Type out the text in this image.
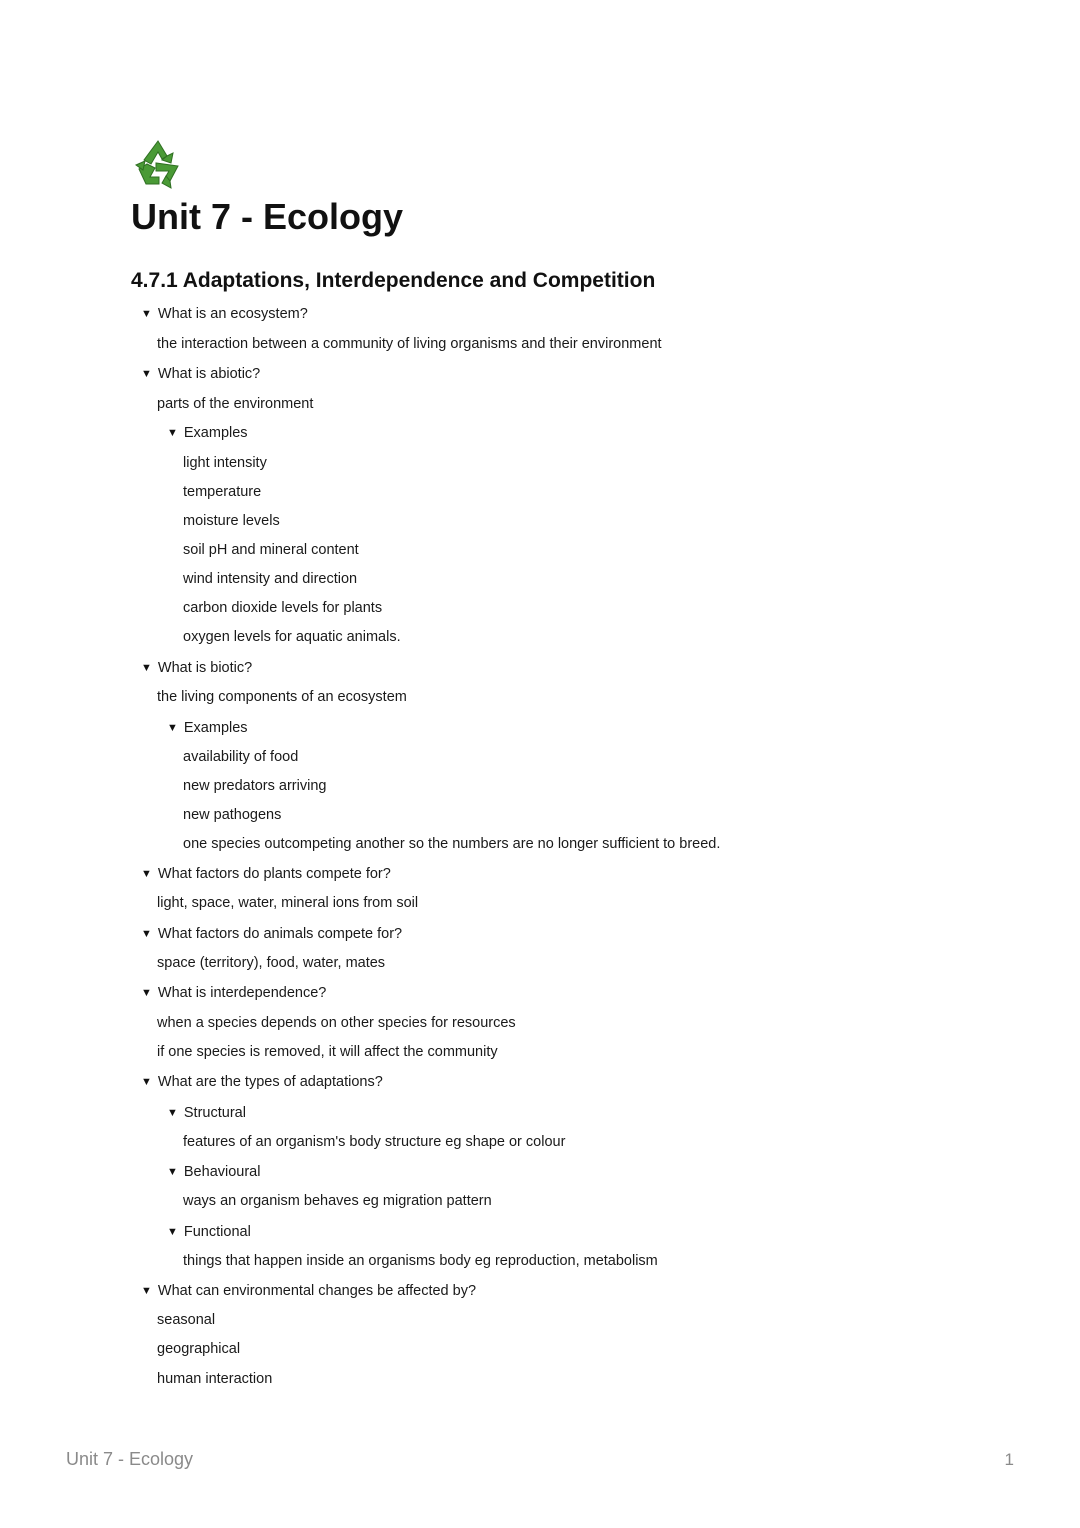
Unit 7 - Ecology
4.7.1 Adaptations, Interdependence and Competition
▼ What is an ecosystem?
the interaction between a community of living organisms and their environment
▼ What is abiotic?
parts of the environment
▼ Examples
light intensity
temperature
moisture levels
soil pH and mineral content
wind intensity and direction
carbon dioxide levels for plants
oxygen levels for aquatic animals.
▼ What is biotic?
the living components of an ecosystem
▼ Examples
availability of food
new predators arriving
new pathogens
one species outcompeting another so the numbers are no longer sufficient to breed.
▼ What factors do plants compete for?
light, space, water, mineral ions from soil
▼ What factors do animals compete for?
space (territory), food, water, mates
▼ What is interdependence?
when a species depends on other species for resources
if one species is removed, it will affect the community
▼ What are the types of adaptations?
▼ Structural
features of an organism's body structure eg shape or colour
▼ Behavioural
ways an organism behaves eg migration pattern
▼ Functional
things that happen inside an organisms body eg reproduction, metabolism
▼ What can environmental changes be affected by?
seasonal
geographical
human interaction
Unit 7 - Ecology	1
